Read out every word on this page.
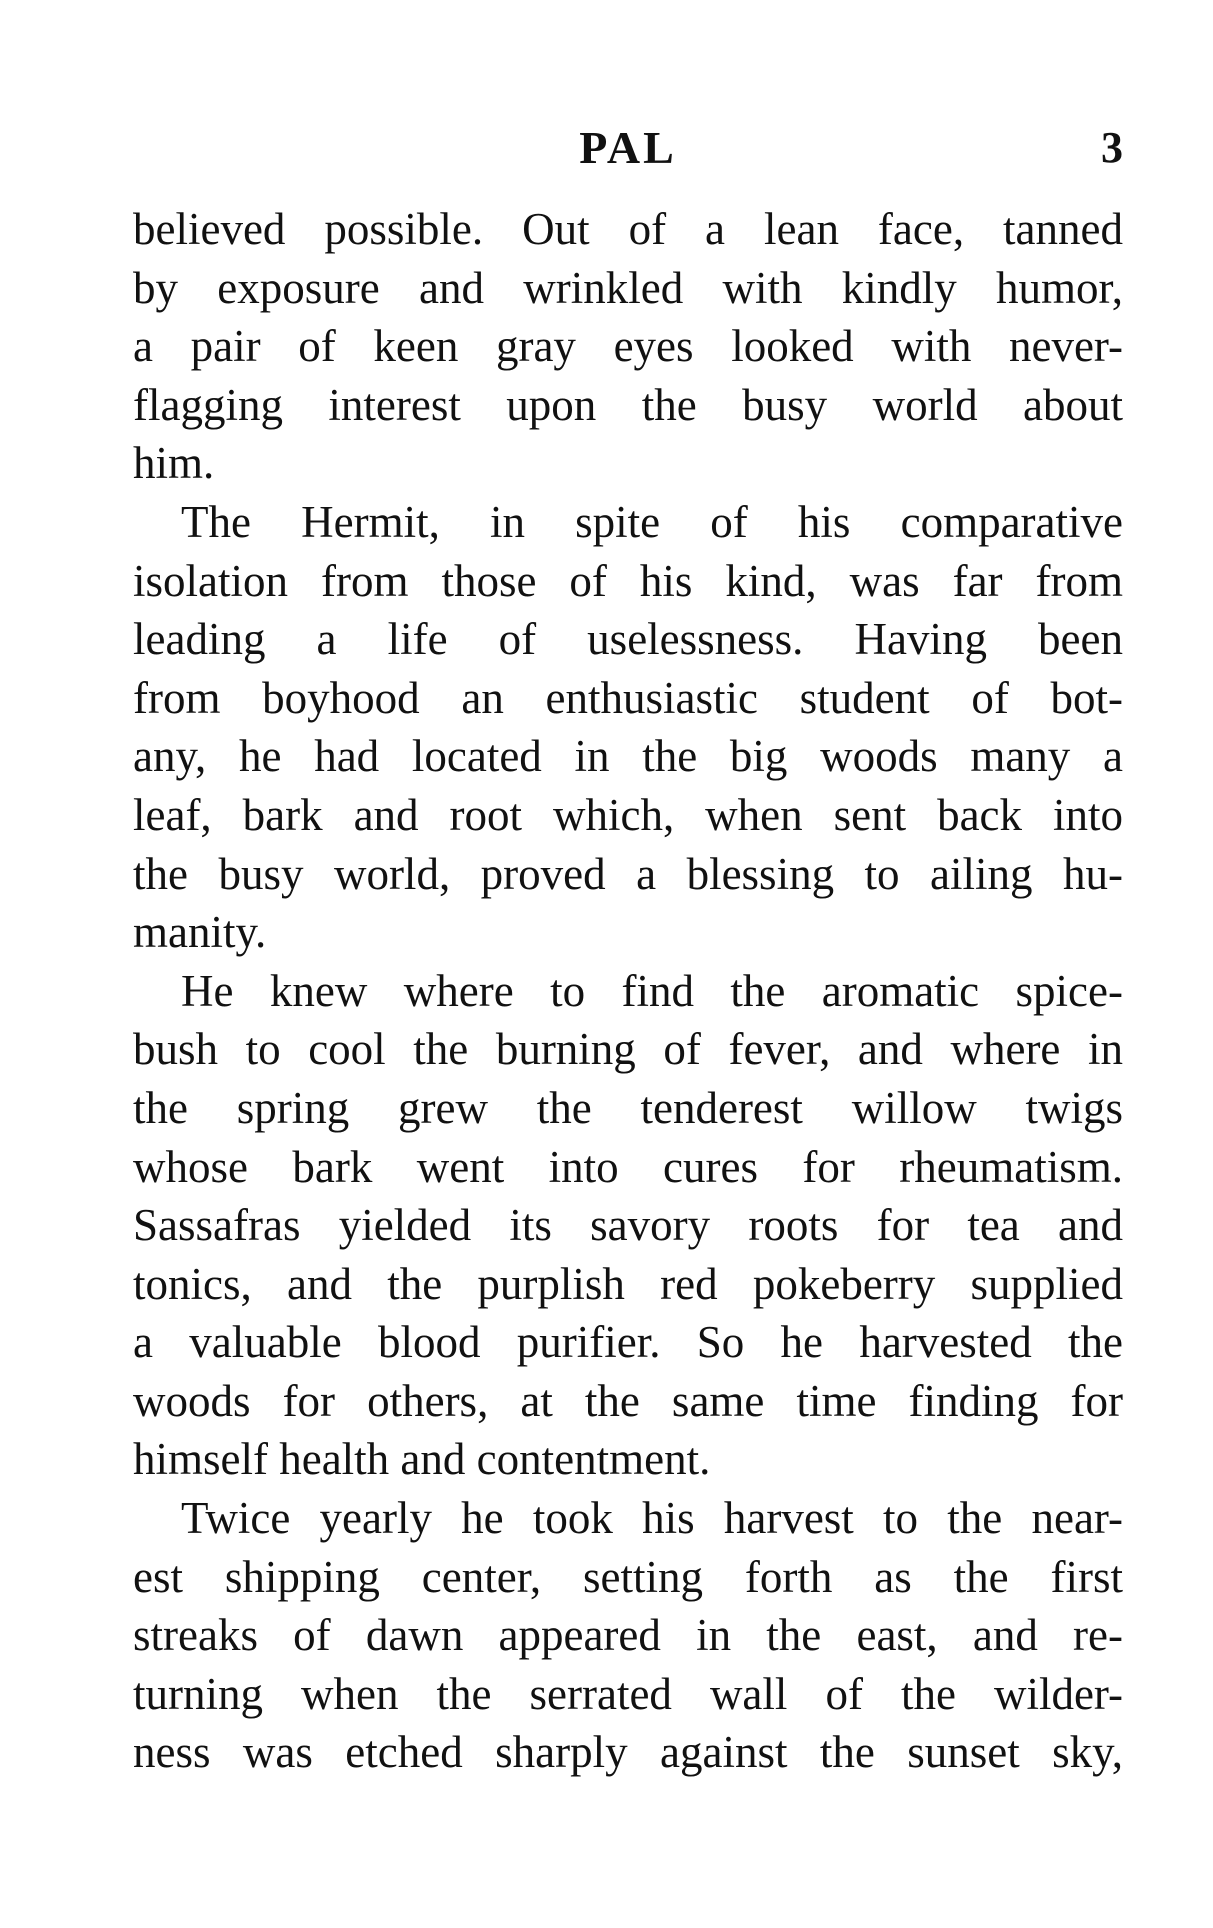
PAL	3

believed possible. Out of a lean face, tanned
by exposure and wrinkled with kindly humor,
a pair of keen gray eyes looked with never-
flagging interest upon the busy world about
him.

The Hermit, in spite of his comparative
isolation from those of his kind, was far from
leading a life of uselessness. Having been
from boyhood an enthusiastic student of bot-
any, he had located in the big woods many a
leaf, bark and root which, when sent back into
the busy world, proved a blessing to ailing hu-
manity.

He knew where to find the aromatic spice-
bush to cool the burning of fever, and where in
the spring grew the tenderest willow twigs
whose bark went into cures for rheumatism.
Sassafras yielded its savory roots for tea and
tonics, and the purplish red pokeberry supplied
a valuable blood purifier. So he harvested the
woods for others, at the same time finding for
himself health and contentment.

Twice yearly he took his harvest to the near-
est shipping center, setting forth as the first
streaks of dawn appeared in the east, and re-
turning when the serrated wall of the wilder-
ness was etched sharply against the sunset sky,
